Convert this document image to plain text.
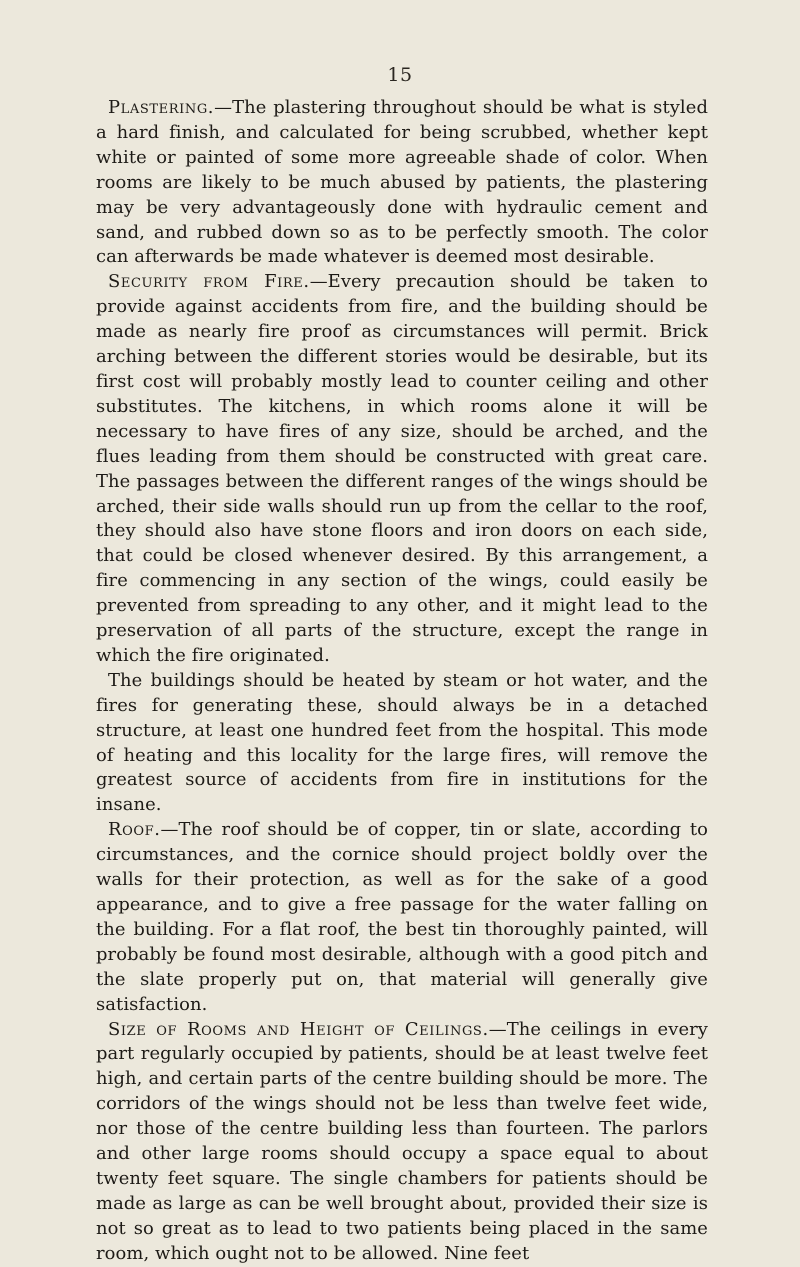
15

Plastering.—The plastering throughout should be what is styled a hard finish, and calculated for being scrubbed, whether kept white or painted of some more agreeable shade of color. When rooms are likely to be much abused by patients, the plastering may be very advantageously done with hydraulic cement and sand, and rubbed down so as to be perfectly smooth. The color can afterwards be made whatever is deemed most desirable.

Security from Fire.—Every precaution should be taken to provide against accidents from fire, and the building should be made as nearly fire proof as circumstances will permit. Brick arching between the different stories would be desirable, but its first cost will probably mostly lead to counter ceiling and other substitutes. The kitchens, in which rooms alone it will be necessary to have fires of any size, should be arched, and the flues leading from them should be constructed with great care. The passages between the different ranges of the wings should be arched, their side walls should run up from the cellar to the roof, they should also have stone floors and iron doors on each side, that could be closed whenever desired. By this arrangement, a fire commencing in any section of the wings, could easily be prevented from spreading to any other, and it might lead to the preservation of all parts of the structure, except the range in which the fire originated.

The buildings should be heated by steam or hot water, and the fires for generating these, should always be in a detached structure, at least one hundred feet from the hospital. This mode of heating and this locality for the large fires, will remove the greatest source of accidents from fire in institutions for the insane.

Roof.—The roof should be of copper, tin or slate, according to circumstances, and the cornice should project boldly over the walls for their protection, as well as for the sake of a good appearance, and to give a free passage for the water falling on the building. For a flat roof, the best tin thoroughly painted, will probably be found most desirable, although with a good pitch and the slate properly put on, that material will generally give satisfaction.

Size of Rooms and Height of Ceilings.—The ceilings in every part regularly occupied by patients, should be at least twelve feet high, and certain parts of the centre building should be more. The corridors of the wings should not be less than twelve feet wide, nor those of the centre building less than fourteen. The parlors and other large rooms should occupy a space equal to about twenty feet square. The single chambers for patients should be made as large as can be well brought about, provided their size is not so great as to lead to two patients being placed in the same room, which ought not to be allowed. Nine feet
